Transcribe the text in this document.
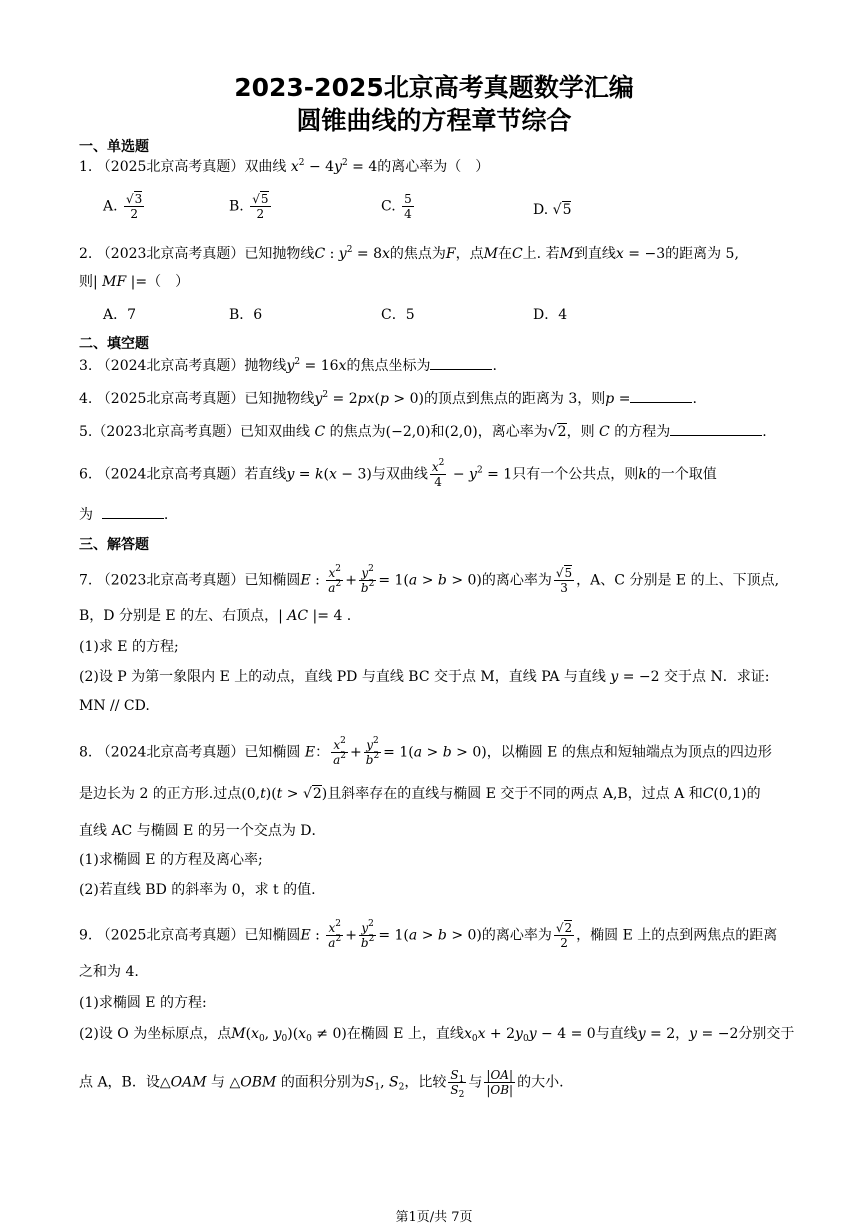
2023-2025北京高考真题数学汇编
圆锥曲线的方程章节综合
一、单选题
1. （2025北京高考真题）双曲线 $x^2 - 4y^2 = 4$的离心率为（　）
A. $\frac{√3}{2}$	B. $\frac{√5}{2}$	C. $\frac{5}{4}$	D. √5
2. （2023北京高考真题）已知抛物线C : $y^2 = 8x$的焦点为F，点M在C上. 若M到直线x = −3的距离为 5,
则| MF |=（　）
A．7	B．6	C．5	D．4
二、填空题
3. （2024北京高考真题）抛物线$y^2 = 16x$的焦点坐标为	.
4. （2025北京高考真题）已知抛物线$y^2 = 2px(p > 0)$的顶点到焦点的距离为 3，则p =	.
5.（2023北京高考真题）已知双曲线 C 的焦点为(−2,0)和(2,0)，离心率为√2，则 C 的方程为	.
6. （2024北京高考真题）若直线y = k(x − 3)与双曲线 $\frac{x^2}{4} - y^2 = 1$只有一个公共点，则k的一个取值
为	.
三、解答题
7. （2023北京高考真题）已知椭圆E : $\frac{x^2}{a^2} + \frac{y^2}{b^2} = 1(a > b > 0)$的离心率为 $\frac{√5}{3}$ ，A、C 分别是 E 的上、下顶点,
B，D 分别是 E 的左、右顶点，| AC |= 4 .
(1)求 E 的方程;
(2)设 P 为第一象限内 E 上的动点，直线 PD 与直线 BC 交于点 M，直线 PA 与直线 y = −2 交于点 N．求证:
MN // CD.
8. （2024北京高考真题）已知椭圆 E： $\frac{x^2}{a^2} + \frac{y^2}{b^2} = 1(a > b > 0)$，以椭圆 E 的焦点和短轴端点为顶点的四边形
是边长为 2 的正方形.过点(0,t)(t > √2)且斜率存在的直线与椭圆 E 交于不同的两点 A,B，过点 A 和C(0,1)的
直线 AC 与椭圆 E 的另一个交点为 D．
(1)求椭圆 E 的方程及离心率;
(2)若直线 BD 的斜率为 0，求 t 的值.
9. （2025北京高考真题）已知椭圆E : $\frac{x^2}{a^2} + \frac{y^2}{b^2} = 1(a > b > 0)$的离心率为 $\frac{√2}{2}$ ，椭圆 E 上的点到两焦点的距离
之和为 4.
(1)求椭圆 E 的方程:
(2)设 O 为坐标原点，点$M(x_0$, $y_0)(x_0 \ne 0)$在椭圆 E 上，直线$x_0x + 2y_0y - 4 = 0$与直线y = 2，y = −2分别交于
点 A，B．设△OAM 与 △OBM 的面积分别为$S_1$, $S_2$，比较 $\frac{S_1}{S_2}$ 与 $\frac{|OA|}{|OB|}$ 的大小.
第1页/共 7页
